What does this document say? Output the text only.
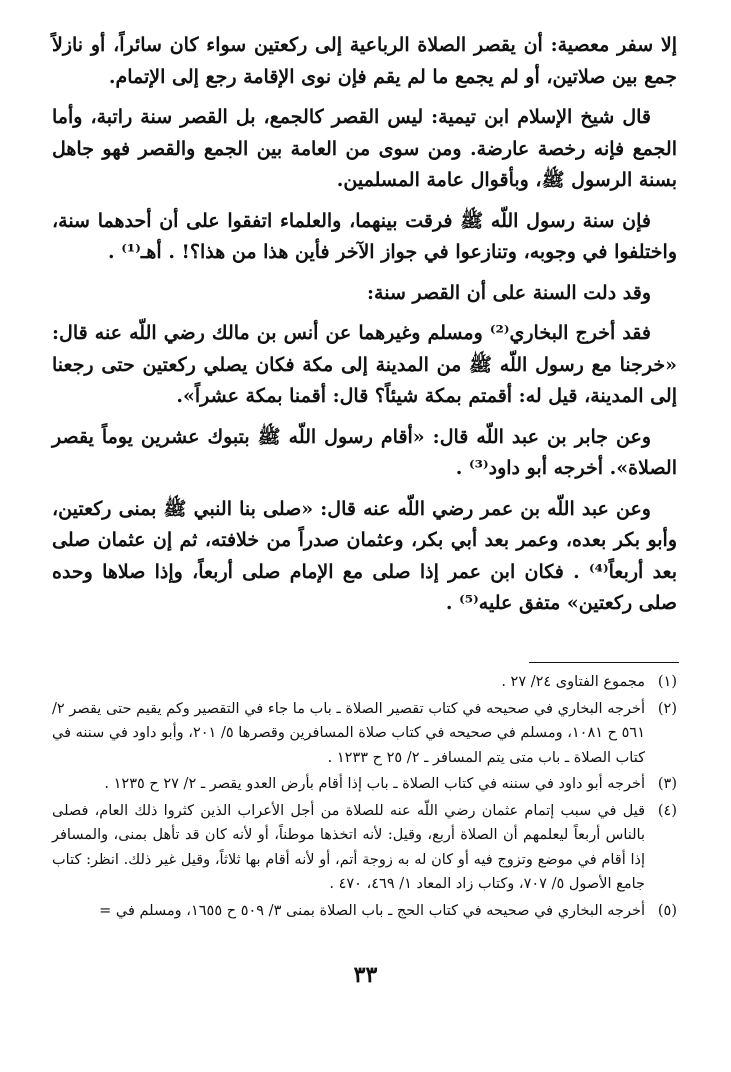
إلا سفر معصية: أن يقصر الصلاة الرباعية إلى ركعتين سواء كان سائراً، أو نازلاً جمع بين صلاتين، أو لم يجمع ما لم يقم فإن نوى الإقامة رجع إلى الإتمام.

قال شيخ الإسلام ابن تيمية: ليس القصر كالجمع، بل القصر سنة راتبة، وأما الجمع فإنه رخصة عارضة. ومن سوى من العامة بين الجمع والقصر فهو جاهل بسنة الرسول ﷺ، وبأقوال عامة المسلمين.

فإن سنة رسول اللّه ﷺ فرقت بينهما، والعلماء اتفقوا على أن أحدهما سنة، واختلفوا في وجوبه، وتنازعوا في جواز الآخر فأين هذا من هذا؟! . أهـ⁽¹⁾ .

وقد دلت السنة على أن القصر سنة:

فقد أخرج البخاري⁽²⁾ ومسلم وغيرهما عن أنس بن مالك رضي اللّه عنه قال: «خرجنا مع رسول اللّه ﷺ من المدينة إلى مكة فكان يصلي ركعتين حتى رجعنا إلى المدينة، قيل له: أقمتم بمكة شيئاً؟ قال: أقمنا بمكة عشراً».

وعن جابر بن عبد اللّه قال: «أقام رسول اللّه ﷺ بتبوك عشرين يوماً يقصر الصلاة». أخرجه أبو داود⁽³⁾ .

وعن عبد اللّه بن عمر رضي اللّه عنه قال: «صلى بنا النبي ﷺ بمنى ركعتين، وأبو بكر بعده، وعمر بعد أبي بكر، وعثمان صدراً من خلافته، ثم إن عثمان صلى بعد أربعاً⁽⁴⁾ . فكان ابن عمر إذا صلى مع الإمام صلى أربعاً، وإذا صلاها وحده صلى ركعتين» متفق عليه⁽⁵⁾ .

(١)
مجموع الفتاوى ٢٤/ ٢٧ .
(٢)
أخرجه البخاري في صحيحه في كتاب تقصير الصلاة ـ باب ما جاء في التقصير وكم يقيم حتى يقصر ٢/ ٥٦١ ح ١٠٨١، ومسلم في صحيحه في كتاب صلاة المسافرين وقصرها ٥/ ٢٠١، وأبو داود في سننه في كتاب الصلاة ـ باب متى يتم المسافر ـ ٢/ ٢٥ ح ١٢٣٣ .
(٣)
أخرجه أبو داود في سننه في كتاب الصلاة ـ باب إذا أقام بأرض العدو يقصر ـ ٢/ ٢٧ ح ١٢٣٥ .
(٤)
قيل في سبب إتمام عثمان رضي اللّه عنه للصلاة من أجل الأعراب الذين كثروا ذلك العام، فصلى بالناس أربعاً ليعلمهم أن الصلاة أربع، وقيل: لأنه اتخذها موطناً، أو لأنه كان قد تأهل بمنى، والمسافر إذا أقام في موضع وتزوج فيه أو كان له به زوجة أتم، أو لأنه أقام بها ثلاثاً، وقيل غير ذلك. انظر: كتاب جامع الأصول ٥/ ٧٠٧، وكتاب زاد المعاد ١/ ٤٦٩، ٤٧٠ .
(٥)
أخرجه البخاري في صحيحه في كتاب الحج ـ باب الصلاة بمنى ٣/ ٥٠٩ ح ١٦٥٥، ومسلم في =
٣٣
